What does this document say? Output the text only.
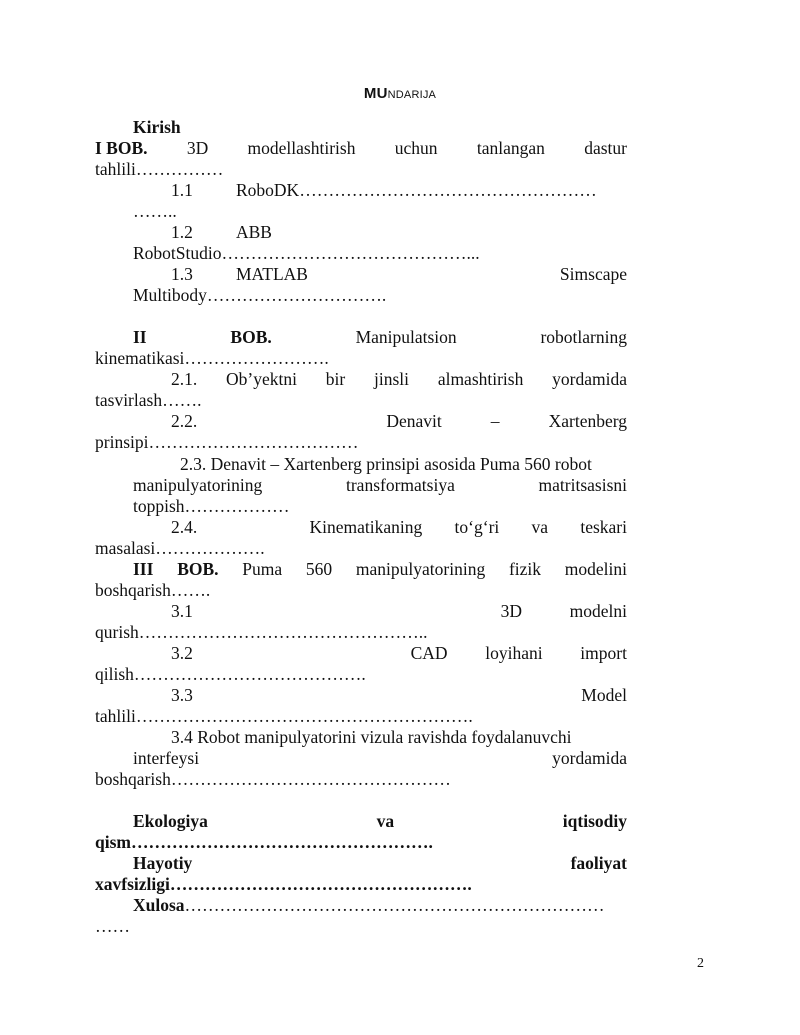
MUNDARIJA
Kirish
I BOB. 3D modellashtirish uchun tanlangan dastur
tahlili……………
1.1 RoboDK……………………………………………
……..
1.2 ABB
RobotStudio……………………………………...
1.3 MATLAB	Simscape
Multibody………………………….
II	BOB.	Manipulatsion	robotlarning
kinematikasi…………………….
2.1. Ob’yektni bir jinsli almashtirish yordamida
tasvirlash…….
2.2.	Denavit	–	Xartenberg
prinsipi………………………………
2.3. Denavit – Xartenberg prinsipi asosida Puma 560 robot
manipulyatorining	transformatsiya	matritsasisni
toppish………………
2.4.	Kinematikaning to‘g‘ri va teskari
masalasi……………….
III BOB. Puma 560 manipulyatorining fizik modelini
boshqarish…….
3.1	3D	modelni
qurish…………………………………………..
3.2	CAD loyihani import
qilish………………………………….
3.3	Model
tahlili………………………………………………….
3.4 Robot manipulyatorini vizula ravishda foydalanuvchi
interfeysi	yordamida
boshqarish…………………………………………
Ekologiya	va	iqtisodiy
qism…………………………………………….
Hayotiy	faoliyat
xavfsizligi…………………………………………….
Xulosa………………………………………………………………
……
2
